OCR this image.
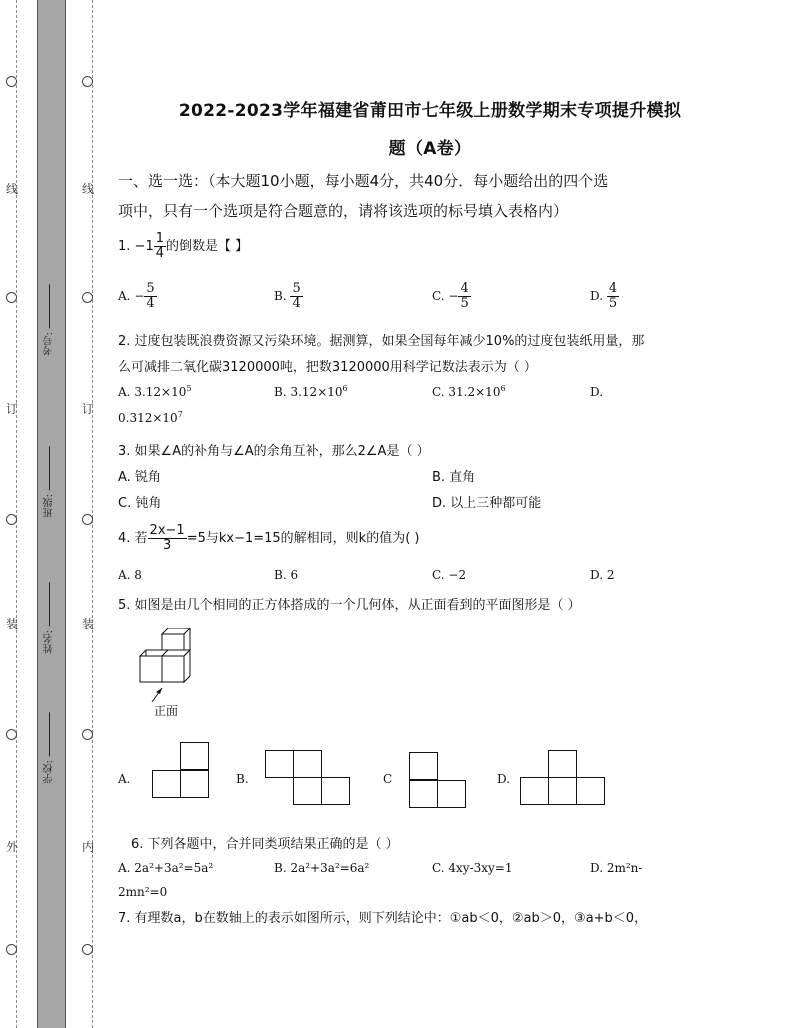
线
订
装
外
线
订
装
内
考号:
班级:
姓名:
学校:
2022-2023学年福建省莆田市七年级上册数学期末专项提升模拟
题（A卷）
一、选一选：（本大题10小题，每小题4分，共40分．每小题给出的四个选
项中，只有一个选项是符合题意的，请将该选项的标号填入表格内）
1. $-1 \frac{1}{4}$ 的倒数是【 】
A. − $\frac{5}{4}$	B. $\frac{5}{4}$	C. − $\frac{4}{5}$	D. $\frac{4}{5}$
2. 过度包装既浪费资源又污染环境。据测算，如果全国每年减少10%的过度包装纸用量，那
么可减排二氧化碳3120000吨，把数3120000用科学记数法表示为（ ）
A. $3.12\times 10^5$	B. $3.12\times 10^6$	C. $31.2\times 10^6$	D.
$0.312\times 10^7$
3. 如果∠A的补角与∠A的余角互补，那么2∠A是（ ）
A. 锐角	B. 直角
C. 钝角	D. 以上三种都可能
4. 若 $\frac{2x-1}{3} =5$与kx−1=15的解相同，则k的值为( )
A. 8	B. 6	C. −2	D. 2
5. 如图是由几个相同的正方体搭成的一个几何体，从正面看到的平面图形是（ ）
正面
A.	B.	C	D.
6. 下列各题中，合并同类项结果正确的是（ ）
A. 2a²+3a²=5a²	B. 2a²+3a²=6a²	C. 4xy-3xy=1	D. 2m²n-
2mn²=0
7. 有理数a，b在数轴上的表示如图所示，则下列结论中：①ab＜0，②ab＞0，③a+b＜0，
